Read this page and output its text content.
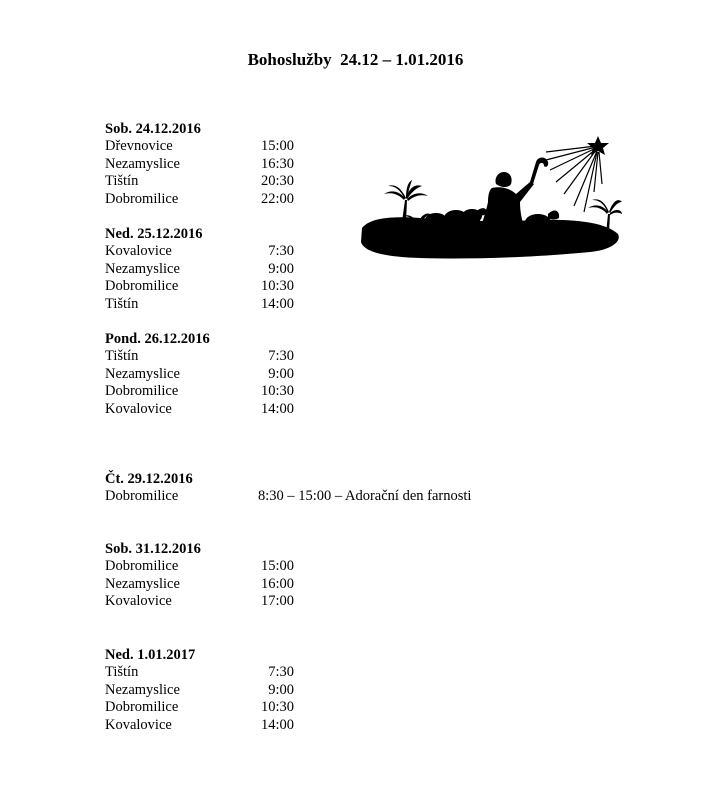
Bohoslužby  24.12 – 1.01.2016
Sob. 24.12.2016
Dřevnovice	15:00
Nezamyslice	16:30
Tištín	20:30
Dobromilice	22:00
Ned. 25.12.2016
Kovalovice	7:30
Nezamyslice	9:00
Dobromilice	10:30
Tištín	14:00
Pond. 26.12.2016
Tištín	7:30
Nezamyslice	9:00
Dobromilice	10:30
Kovalovice	14:00
Čt. 29.12.2016
Dobromilice	8:30 – 15:00 – Adorační den farnosti
Sob. 31.12.2016
Dobromilice	15:00
Nezamyslice	16:00
Kovalovice	17:00
Ned. 1.01.2017
Tištín	7:30
Nezamyslice	9:00
Dobromilice	10:30
Kovalovice	14:00
